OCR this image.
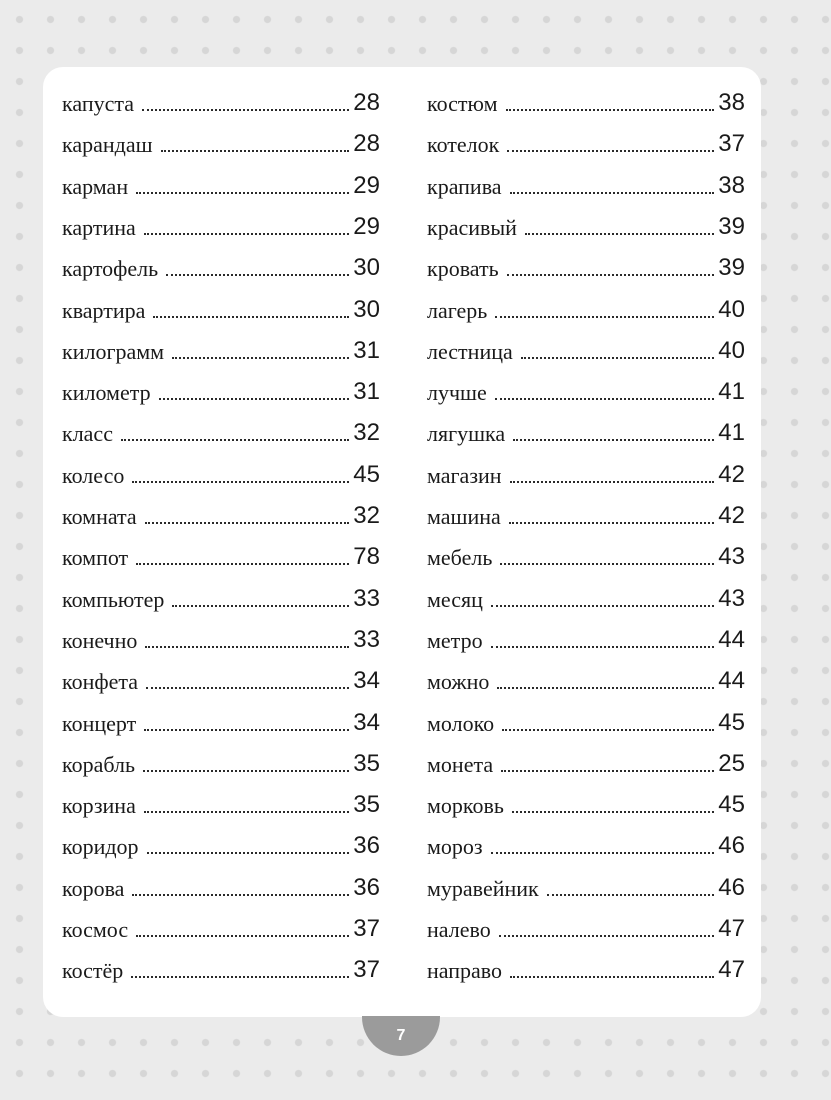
капуста	28
карандаш	28
карман	29
картина	29
картофель	30
квартира	30
килограмм	31
километр	31
класс	32
колесо	45
комната	32
компот	78
компьютер	33
конечно	33
конфета	34
концерт	34
корабль	35
корзина	35
коридор	36
корова	36
космос	37
костёр	37
костюм	38
котелок	37
крапива	38
красивый	39
кровать	39
лагерь	40
лестница	40
лучше	41
лягушка	41
магазин	42
машина	42
мебель	43
месяц	43
метро	44
можно	44
молоко	45
монета	25
морковь	45
мороз	46
муравейник	46
налево	47
направо	47
7
